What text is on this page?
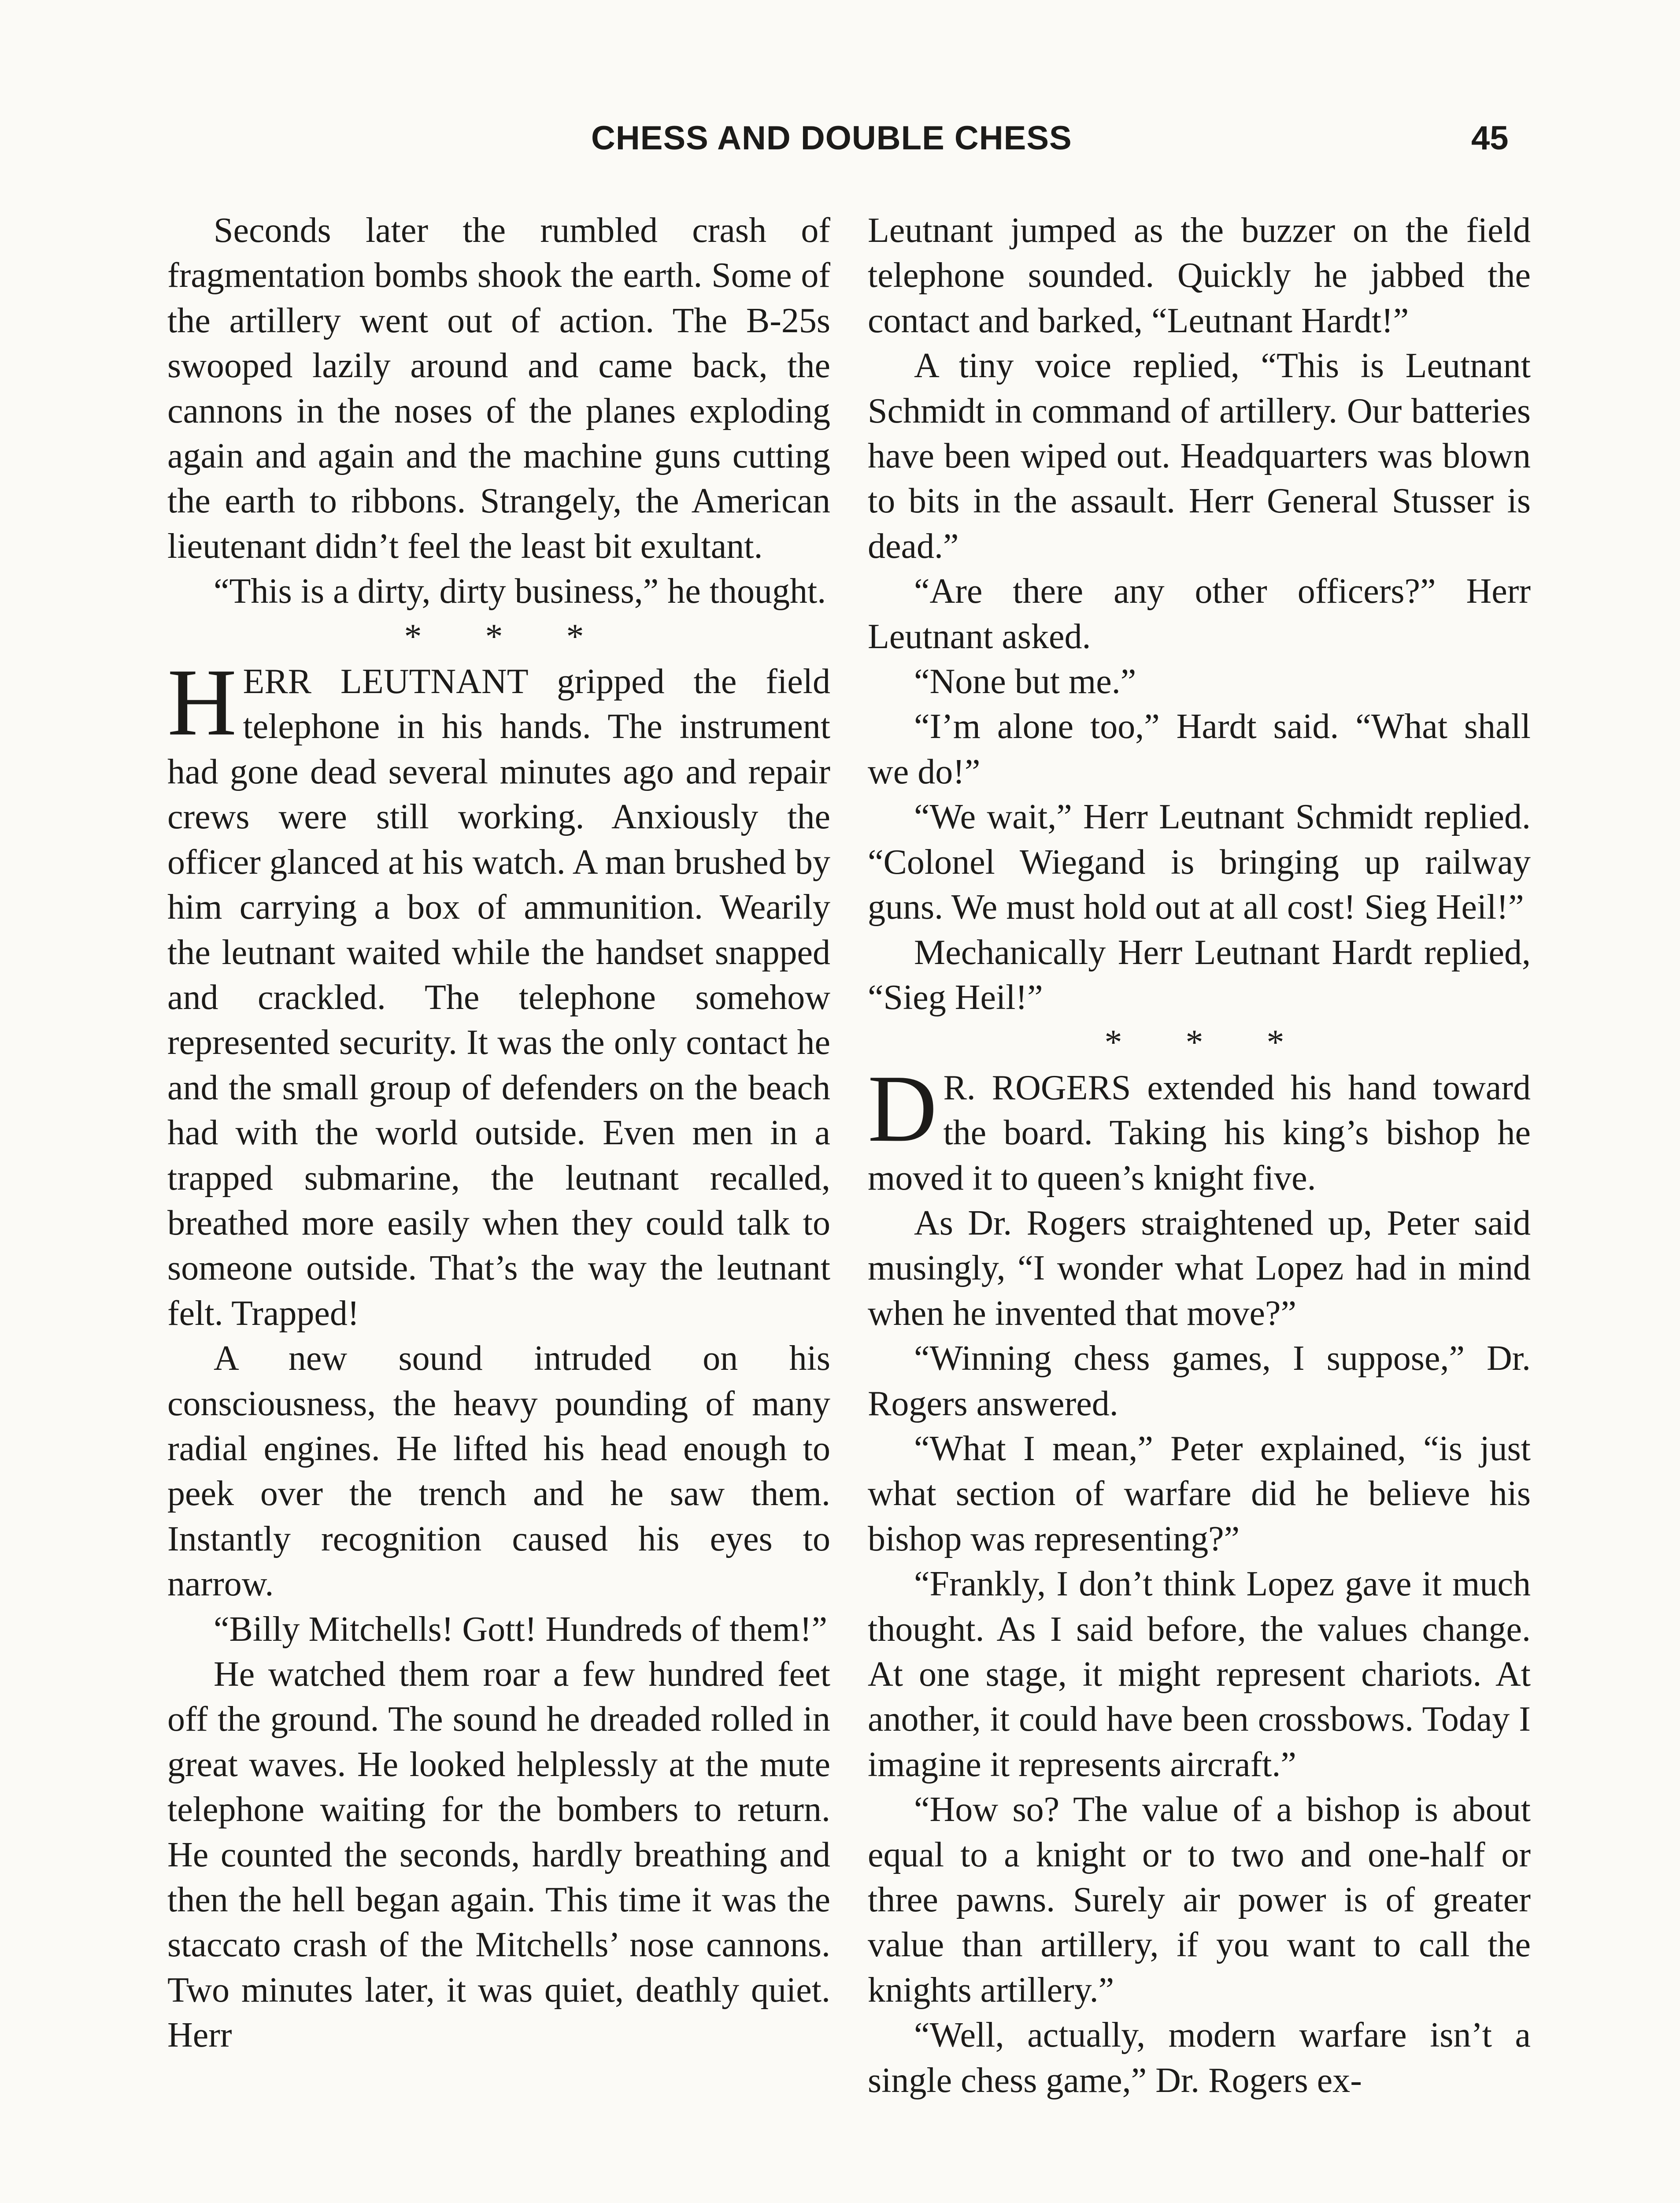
CHESS AND DOUBLE CHESS	45

Seconds later the rumbled crash of fragmentation bombs shook the earth. Some of the artillery went out of action. The B-25s swooped lazily around and came back, the cannons in the noses of the planes exploding again and again and the machine guns cutting the earth to ribbons. Strangely, the American lieutenant didn’t feel the least bit exultant.

“This is a dirty, dirty business,” he thought.

* * *

HERR LEUTNANT gripped the field telephone in his hands. The instrument had gone dead several minutes ago and repair crews were still working. Anxiously the officer glanced at his watch. A man brushed by him carrying a box of ammunition. Wearily the leutnant waited while the handset snapped and crackled. The telephone somehow represented security. It was the only contact he and the small group of defenders on the beach had with the world outside. Even men in a trapped submarine, the leutnant recalled, breathed more easily when they could talk to someone outside. That’s the way the leutnant felt. Trapped!

A new sound intruded on his consciousness, the heavy pounding of many radial engines. He lifted his head enough to peek over the trench and he saw them. Instantly recognition caused his eyes to narrow.

“Billy Mitchells! Gott! Hundreds of them!”

He watched them roar a few hundred feet off the ground. The sound he dreaded rolled in great waves. He looked helplessly at the mute telephone waiting for the bombers to return. He counted the seconds, hardly breathing and then the hell began again. This time it was the staccato crash of the Mitchells’ nose cannons. Two minutes later, it was quiet, deathly quiet. Herr

Leutnant jumped as the buzzer on the field telephone sounded. Quickly he jabbed the contact and barked, “Leutnant Hardt!”

A tiny voice replied, “This is Leutnant Schmidt in command of artillery. Our batteries have been wiped out. Headquarters was blown to bits in the assault. Herr General Stusser is dead.”

“Are there any other officers?” Herr Leutnant asked.

“None but me.”

“I’m alone too,” Hardt said. “What shall we do!”

“We wait,” Herr Leutnant Schmidt replied. “Colonel Wiegand is bringing up railway guns. We must hold out at all cost! Sieg Heil!”

Mechanically Herr Leutnant Hardt replied, “Sieg Heil!”

* * *

D R. ROGERS extended his hand toward the board. Taking his king’s bishop he moved it to queen’s knight five.

As Dr. Rogers straightened up, Peter said musingly, “I wonder what Lopez had in mind when he invented that move?”

“Winning chess games, I suppose,” Dr. Rogers answered.

“What I mean,” Peter explained, “is just what section of warfare did he believe his bishop was representing?”

“Frankly, I don’t think Lopez gave it much thought. As I said before, the values change. At one stage, it might represent chariots. At another, it could have been crossbows. Today I imagine it represents aircraft.”

“How so? The value of a bishop is about equal to a knight or to two and one-half or three pawns. Surely air power is of greater value than artillery, if you want to call the knights artillery.”

“Well, actually, modern warfare isn’t a single chess game,” Dr. Rogers ex-
